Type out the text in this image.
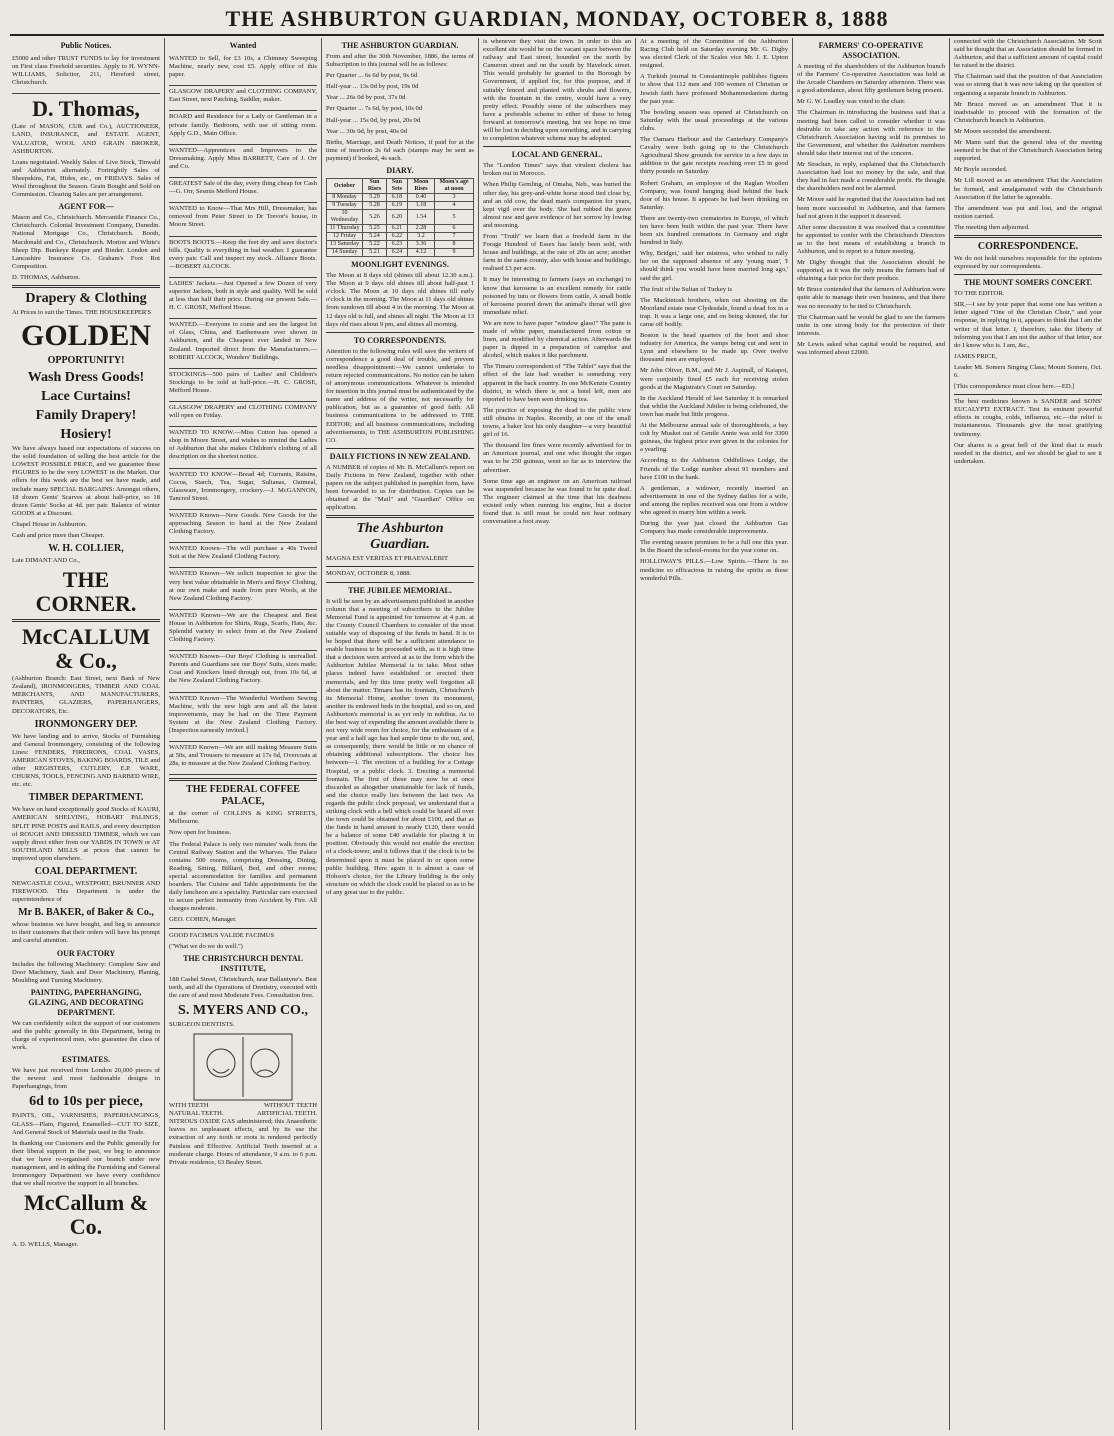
THE ASHBURTON GUARDIAN, MONDAY, OCTOBER 8, 1888
Public Notices.

£5000 and other TRUST FUNDS to lay for investment on First class Freehold securities. Apply to H. WYNN-WILLIAMS, Solicitor, 211, Hereford street, Christchurch.

D. Thomas,

(Late of MASON, CUR and Co.), AUCTIONEER, LAND, INSURANCE, and ESTATE AGENT, VALUATOR, WOOL AND GRAIN BROKER, ASHBURTON.

Loans negotiated. Weekly Sales of Live Stock, Tinwald and Ashburton alternately. Fortnightly Sales of Sheepskins, Fat, Hides, etc., on FRIDAYS. Sales of Wool throughout the Season. Grain Bought and Sold on Commission. Clearing Sales are per arrangement.

AGENT FOR—

Mason and Co., Christchurch. Mercantile Finance Co., Christchurch. Colonial Investment Company, Dunedin. National Mortgage Co., Christchurch. Booth, Macdonald and Co., Christchurch. Morton and White's Sheep Dip. Bunkeye Reaper and Binder. London and Lancashire Insurance Co. Graham's Foot Rot Composition.

D. THOMAS, Ashburton.

Drapery & Clothing

At Prices to suit the Times. THE HOUSEKEEPER'S

GOLDEN
OPPORTUNITY!
Wash Dress Goods!
Lace Curtains!
Family Drapery!
Hosiery!

We have always based our expectations of success on the solid foundation of selling the best article for the LOWEST POSSIBLE PRICE, and we guarantee these FIGURES to be the very LOWEST in the Market. Our offers for this week are the best we have made, and include many SPECIAL BARGAINS: Amongst others, 18 dozen Gents' Scarves at about half-price, so 18 dozen Gents' Socks at 4d. per pair. Balance of winter GOODS at a Discount.

Chapel House in Ashburton.

Cash and price more than Cheaper.

W. H. COLLIER,

Late DIMANT AND Co.,

THE CORNER.
McCALLUM & Co.,

(Ashburton Branch: East Street, next Bank of New Zealand), IRONMONGERS, TIMBER AND COAL MERCHANTS, AND MANUFACTURERS, PAINTERS, GLAZIERS, PAPERHANGERS, DECORATORS, Etc.

IRONMONGERY DEP.

We have landing and to arrive, Stocks of Furnishing and General Ironmongery, consisting of the following Lines: FENDERS, FIREIRONS, COAL VASES, AMERICAN STOVES, BAKING BOARDS, TILE and other REGISTERS, CUTLERY, E.P. WARE, CHURNS, TOOLS, FENCING AND BARBED WIRE, etc. etc.

TIMBER DEPARTMENT.

We have on hand exceptionally good Stocks of KAURI, AMERICAN SHELVING, HOBART PALINGS, SPLIT PINE POSTS and RAILS, and every description of ROUGH AND DRESSED TIMBER, which we can supply direct either from our YARDS IN TOWN or AT SOUTHLAND MILLS at prices that cannot be improved upon elsewhere.

COAL DEPARTMENT.

NEWCASTLE COAL, WESTPORT, BRUNNER AND FIREWOOD. This Department is under the superintendence of

Mr B. BAKER, of Baker & Co.,

whose business we have bought, and beg to announce to their customers that their orders will have his prompt and careful attention.

OUR FACTORY

Includes the following Machinery: Complete Saw and Door Machinery, Sash and Door Machinery, Planing, Moulding and Turning Machinery.

PAINTING, PAPERHANGING, GLAZING, AND DECORATING DEPARTMENT.

We can confidently solicit the support of our customers and the public generally in this Department, being in charge of experienced men, who guarantee the class of work.

ESTIMATES.

We have just received from London 20,000 pieces of the newest and most fashionable designs in Paperhangings, from

6d to 10s per piece,

PAINTS, OIL, VARNISHES, PAPERHANGINGS, GLASS—Plain, Figured, Enamelled—CUT TO SIZE, And General Stock of Materials used in the Trade.

In thanking our Customers and the Public generally for their liberal support in the past, we beg to announce that we have re-organised our branch under new management, and in adding the Furnishing and General Ironmongery Department we have every confidence that we shall receive the support in all branches.

McCallum & Co.

A. D. WELLS, Manager.

Wanted

WANTED to Sell, for £3 10s, a Chimney Sweeping Machine, nearly new, cost £5. Apply office of this paper.

GLASGOW DRAPERY and CLOTHING COMPANY, East Street, next Patching, Saddler, maker.

BOARD and Residence for a Lady or Gentleman in a private family. Bedroom, with use of sitting room. Apply G.D., Main Office.

WANTED—Apprentices and Improvers to the Dressmaking. Apply Miss BARRETT, Care of J. Orr and Co.

GREATEST Sale of the day, every thing cheap for Cash—G. Orr, Sesmis Mefford House.

WANTED to Know—That Mrs Hill, Dressmaker, has removed from Peter Street to Dr Trevor's house, in Moore Street.

BOOTS BOOTS.—Keep the feet dry and save doctor's bills. Quality is everything in bad weather. I guarantee every pair. Call and inspect my stock. Alliance Boots.—ROBERT ALCOCK.

LADIES' Jackets.—Just Opened a few Dozen of very superior Jackets, both in style and quality. Will be sold at less than half their price. During our present Sale.—H. C. GROSE, Mefford House.

WANTED.—Everyone to come and see the largest lot of Glass, China, and Earthenware ever shown in Ashburton, and the Cheapest ever landed in New Zealand. Imported direct from the Manufacturers.—ROBERT ALCOCK, Wonders' Buildings.

STOCKINGS—500 pairs of Ladies' and Children's Stockings to be sold at half-price.—H. C. GROSE, Mefford House.

GLASGOW DRAPERY and CLOTHING COMPANY will open on Friday.

WANTED TO KNOW.—Miss Cotton has opened a shop in Moore Street, and wishes to remind the Ladies of Ashburton that she makes Children's clothing of all description on the shortest notice.

WANTED TO KNOW—Bread 4d; Currants, Raisins, Cocoa, Starch, Tea, Sugar, Sultanas, Oatmeal, Glassware, Ironmongery, crockery.—J. McGANNON, Tancred Street.

WANTED Known—New Goods. New Goods for the approaching Season to hand at the New Zealand Clothing Factory.

WANTED Known—The will purchase a 40s Tweed Suit at the New Zealand Clothing Factory.

WANTED Known—We solicit inspection to give the very best value obtainable in Men's and Boys' Clothing, at our own make and made from pure Wools, at the New Zealand Clothing Factory.

WANTED Known—We are the Cheapest and Best House in Ashburton for Shirts, Rugs, Scarfs, Hats, &c. Splendid variety to select from at the New Zealand Clothing Factory.

WANTED Known—Our Boys' Clothing is unrivalled. Parents and Guardians see our Boys' Suits, sizes made; Coat and Knickers lined through out, from 10s 6d, at the New Zealand Clothing Factory.

WANTED Known—The Wonderful Werthem Sewing Machine, with the new high arm and all the latest improvements, may be had on the Time Payment System at the New Zealand Clothing Factory. [Inspection earnestly invited.]

WANTED Known—We are still making Measure Suits at 50s, and Trousers to measure at 17s 6d, Overcoats at 28s, to measure at the New Zealand Clothing Factory.

THE FEDERAL COFFEE PALACE,

at the corner of COLLINS & KING STREETS, Melbourne.

Now open for business.

The Federal Palace is only two minutes' walk from the Central Railway Station and the Wharves. The Palace contains 500 rooms, comprising Dressing, Dining, Reading, Sitting, Billiard, Bed, and other rooms; special accommodation for families and permanent boarders. The Cuisine and Table appointments for the daily luncheon are a speciality. Particular care exercised to secure perfect immunity from Accident by Fire. All charges moderate.

GEO. COHEN, Manager.

GOOD FACIMUS VALIDE FACIMUS

("What we do we do well.")

THE CHRISTCHURCH DENTAL INSTITUTE,

188 Cashel Street, Christchurch, near Ballantyne's. Best teeth, and all the Operations of Dentistry, executed with the care of and most Moderate Fees. Consultation free.

S. MYERS AND CO.,

SURGEON DENTISTS.

WITH TEETH	WITHOUT TEETH
NATURAL TEETH.	ARTIFICIAL TEETH.

NITROUS OXIDE GAS administered; this Anaesthetic leaves no unpleasant effects, and by its use the extraction of any tooth or roots is rendered perfectly Painless and Effective. Artificial Teeth inserted at a moderate charge. Hours of attendance, 9 a.m. to 6 p.m. Private residence, 63 Bealey Street.

THE ASHBURTON GUARDIAN.

From and after the 30th November, 1886, the terms of Subscription to this journal will be as follows:

Per Quarter ... 6s 6d by post, 9s 6d

Half-year ... 13s 0d by post, 19s 0d

Year ... 26s 0d by post, 37s 0d

Per Quarter ... 7s 6d, by post, 10s 0d

Half-year ... 15s 0d, by post, 20s 0d

Year ... 30s 0d, by post, 40s 0d

Births, Marriage, and Death Notices, if paid for at the time of insertion 2s 6d each (stamps may be sent as payment) if booked, 4s each.

DIARY.
October	Sun Rises	Sun Sets	Moon Rises	Moon's age at noon
8 Monday	5.29	6.18	0.40	3
9 Tuesday	5.28	6.19	1.18	4
10 Wednesday	5.26	6.20	1.54	5
11 Thursday	5.25	6.21	2.28	6
12 Friday	5.24	6.22	3.2	7
13 Saturday	5.22	6.23	3.36	8
14 Sunday	5.21	6.24	4.12	9
MOONLIGHT EVENINGS.

The Moon at 8 days old (shines till about 12.30 a.m.). The Moon at 9 days old shines till about half-past 1 o'clock. The Moon at 10 days old shines till early o'clock in the morning. The Moon at 11 days old shines from sundown till about 4 in the morning. The Moon at 12 days old is full, and shines all night. The Moon at 13 days old rises about 9 pm, and shines all morning.

TO CORRESPONDENTS.

Attention to the following rules will save the writers of correspondence a good deal of trouble, and prevent needless disappointment:—We cannot undertake to return rejected communications. No notice can be taken of anonymous communications. Whatever is intended for insertion in this journal must be authenticated by the name and address of the writer, not necessarily for publication, but as a guarantee of good faith. All business communications to be addressed to THE EDITOR; and all business communications, including advertisements, to THE ASHBURTON PUBLISHING CO.

DAILY FICTIONS IN NEW ZEALAND.

A NUMBER of copies of Mr. B. McCallum's report on Daily Fictions in New Zealand, together with other papers on the subject published in pamphlet form, have been forwarded to us for distribution. Copies can be obtained at the "Mail" and "Guardian" Office on application.

The Ashburton Guardian.

MAGNA EST VERITAS ET PRAEVALEBIT

MONDAY, OCTOBER 8, 1888.

THE JUBILEE MEMORIAL.

It will be seen by an advertisement published in another column that a meeting of subscribers to the Jubilee Memorial Fund is appointed for tomorrow at 4 p.m. at the County Council Chambers to consider of the most suitable way of disposing of the funds in hand. It is to be hoped that there will be a sufficient attendance to enable business to be proceeded with, as it is high time that a decision were arrived at as to the form which the Ashburton Jubilee Memorial is to take. Most other places indeed have established or erected their memorials, and by this time pretty well forgotten all about the matter. Timaru has its fountain, Christchurch its Memorial Home, another town its monument, another its endowed beds in the hospital, and so on, and Ashburton's memorial is as yet only in nubibus. As to the best way of expending the amount available there is not very wide room for choice, for the enthusiasm of a year and a half ago has had ample time to die out, and, as consequently, there would be little or no chance of obtaining additional subscriptions. The choice lies between—1. The erection of a building for a Cottage Hospital, or a public clock. 3. Erecting a memorial fountain. The first of these may now be at once discarded as altogether unattainable for lack of funds, and the choice really lies between the last two. As regards the public clock proposal, we understand that a striking clock with a bell which could be heard all over the town could be obtained for about £100, and that as the funds in hand amount to nearly £120, there would be a balance of some £40 available for placing it in position. Obviously this would not enable the erection of a clock-tower, and it follows that if the clock is to be determined upon it must be placed in or upon some public building. Here again it is almost a case of Hobson's choice, for the Library building is the only structure on which the clock could be placed so as to be of any great use to the public.

is whenever they visit the town. In order to this an excellent site would be on the vacant space between the railway and East street, bounded on the north by Cameron street and on the south by Havelock street. This would probably be granted to the Borough by Government, if applied for, for this purpose, and if suitably fenced and planted with shrubs and flowers, with the fountain in the centre, would have a very pretty effect. Possibly some of the subscribers may have a preferable scheme to either of these to bring forward at tomorrow's meeting, but we hope no time will be lost in deciding upon something, and in carrying to completion whatever scheme may be adopted.

LOCAL AND GENERAL.

The "London Times" says that virulent cholera has broken out in Morocco.

When Philip Gemling, of Omaha, Neb., was buried the other day, his grey-and-white horse stood tied close by, and an old cow, the dead man's companion for years, kept vigil over the body. She had rubbed the grave almost raw and gave evidence of her sorrow by lowing and mooning.

From "Truth" we learn that a freehold farm in the Forage Hundred of Essex has lately been sold, with house and buildings, at the rate of 20s an acre; another farm in the same county, also with house and buildings, realised £3 per acre.

It may be interesting to farmers (says an exchange) to know that kerosene is an excellent remedy for cattle poisoned by tutu or flowers from cattle, A small bottle of kerosene poured down the animal's throat will give immediate relief.

We are now to have paper "window glass!" The pane is made of white paper, manufactured from cotton or linen, and modified by chemical action. Afterwards the paper is dipped in a preparation of camphor and alcohol, which makes it like parchment.

The Timaru correspondent of "The Tablet" says that the effect of the late bad weather is something very apparent in the back country. In one McKenzie Country district, in which there is not a hotel left, men are reported to have been seen drinking tea.

The practice of exposing the dead to the public view still obtains in Naples. Recently, at one of the small towns, a baker lost his only daughter—a very beautiful girl of 16.

The thousand lire fines were recently advertised for in an American journal, and one who thought the organ was to be 250 guineas, went so far as to interview the advertiser.

Some time ago an engineer on an American railroad was suspended because he was found to be quite deaf. The engineer claimed at the time that his deafness existed only when running his engine, but a doctor found that is still must be could not hear ordinary conversation a foot away.

At a meeting of the Committee of the Ashburton Racing Club held on Saturday evening Mr. G. Digby was elected Clerk of the Scales vice Mr. J. E. Upton resigned.

A Turkish journal in Constantinople publishes figures to show that 112 men and 100 women of Christian or Jewish faith have professed Mohammedanism during the past year.

The bowling season was opened at Christchurch on Saturday with the usual proceedings at the various clubs.

The Oamaru Harbour and the Canterbury Company's Cavalry were both going up to the Christchurch Agricultural Show grounds for service in a few days in addition to the gate receipts reaching over £5 in good thirty pounds on Saturday.

Robert Graham, an employee of the Raglan Woollen Company, was found hanging dead behind the back door of his house. It appears he had been drinking on Saturday.

There are twenty-two crematories in Europe, of which ten have been built within the past year. There have been six hundred cremations in Germany and eight hundred in Italy.

Why, Bridget,' said her mistress, who wished to rally her on the supposed absence of any 'young man', 'I should think you would have been married long ago,' said the girl.

The fruit of the Sultan of Turkey is

The Mackintosh brothers, when out shooting on the Moorland estate near Clydesdale, found a dead fox in a trap. It was a large one, and on being skinned, the fur came off bodily.

Boston is the head quarters of the boot and shoe industry for America, the vamps being cut and sent to Lynn and elsewhere to be made up. Over twelve thousand men are employed.

Mr John Oliver, B.M., and Mr J. Aspinall, of Kaiapoi, were conjointly fined £5 each for receiving stolen goods at the Magistrate's Court on Saturday.

In the Auckland Herald of last Saturday it is remarked that whilst the Auckland Jubilee is being celebrated, the town has made but little progress.

At the Melbourne annual sale of thoroughbreds, a bay colt by Musket out of Gentle Annie was sold for 3300 guineas, the highest price ever given in the colonies for a yearling.

According to the Ashburton Oddfellows Lodge, the Friends of the Lodge number about 91 members and have £100 in the bank.

A gentleman, a widower, recently inserted an advertisement in one of the Sydney dailies for a wife, and among the replies received was one from a widow who agreed to marry him within a week.

During the year just closed the Ashburton Gas Company has made considerable improvements.

The evening season promises to be a full one this year. In the Board the school-rooms for the year come on.

HOLLOWAY'S PILLS.—Low Spirits.—There is no medicine so efficacious in raising the spirits as these wonderful Pills.

FARMERS' CO-OPERATIVE ASSOCIATION.

A meeting of the shareholders of the Ashburton branch of the Farmers' Co-operative Association was held at the Arcade Chambers on Saturday afternoon. There was a good attendance, about fifty gentlemen being present.

Mr G. W. Leadley was voted to the chair.

The Chairman in introducing the business said that a meeting had been called to consider whether it was desirable to take any action with reference to the Christchurch Association having sold its premises to the Government, and whether the Ashburton members should take their interest out of the concern.

Mr Strachan, in reply, explained that the Christchurch Association had lost no money by the sale, and that they had in fact made a considerable profit. He thought the shareholders need not be alarmed.

Mr Moore said he regretted that the Association had not been more successful in Ashburton, and that farmers had not given it the support it deserved.

After some discussion it was resolved that a committee be appointed to confer with the Christchurch Directors as to the best means of establishing a branch in Ashburton, and to report to a future meeting.

Mr Digby thought that the Association should be supported, as it was the only means the farmers had of obtaining a fair price for their produce.

Mr Bruce contended that the farmers of Ashburton were quite able to manage their own business, and that there was no necessity to be tied to Christchurch.

The Chairman said he would be glad to see the farmers unite in one strong body for the protection of their interests.

Mr Lewis asked what capital would be required, and was informed about £2000.

connected with the Christchurch Association. Mr Scott said he thought that an Association should be formed in Ashburton, and that a sufficient amount of capital could be raised in the district.

The Chairman said that the position of that Association was so strong that it was now taking up the question of organising a separate branch in Ashburton.

Mr Bruce moved as an amendment That it is inadvisable to proceed with the formation of the Christchurch branch in Ashburton.

Mr Moore seconded the amendment.

Mr Mann said that the general idea of the meeting seemed to be that of the Christchurch Association being supported.

Mr Boyle seconded.

Mr Lill moved as an amendment That the Association be formed, and amalgamated with the Christchurch Association if the latter be agreeable.

The amendment was put and lost, and the original motion carried.

The meeting then adjourned.

CORRESPONDENCE.

We do not hold ourselves responsible for the opinions expressed by our correspondents.

THE MOUNT SOMERS CONCERT.

TO THE EDITOR.

SIR,—I see by your paper that some one has written a letter signed "One of the Christian Choir," and your response, in replying to it, appears to think that I am the writer of that letter. I, therefore, take the liberty of informing you that I am not the author of that letter, nor do I know who is. I am, &c.,

JAMES PRICE,

Leader Mt. Somers Singing Class; Mount Somers, Oct. 6.

[This correspondence must close here.—ED.]

The best medicines known is SANDER and SONS' EUCALYPTI EXTRACT. Test its eminent powerful effects in coughs, colds, influenza, etc.—the relief is instantaneous. Thousands give the most gratifying testimony.

Our shares is a great bell of the kind that is much needed in the district, and we should be glad to see it undertaken.
